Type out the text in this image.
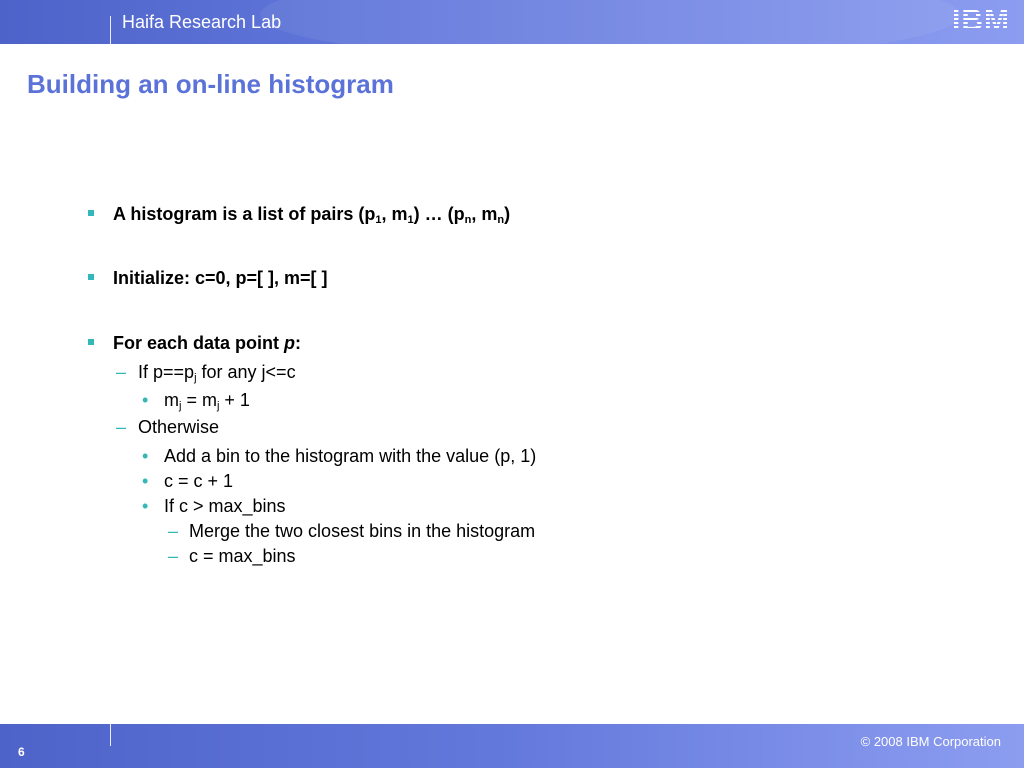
Haifa Research Lab	IBM
Building an on-line histogram
A histogram is a list of pairs ($p_1$, $m_1$) … ($p_n$, $m_n$)
Initialize: c=0, p=[ ], m=[ ]
For each data point p:
– If $p==p_j$ for any j<=c
• $m_j = m_j + 1$
– Otherwise
• Add a bin to the histogram with the value (p, 1)
• c = c + 1
• If c > max_bins
– Merge the two closest bins in the histogram
– c = max_bins
6
© 2008 IBM Corporation
